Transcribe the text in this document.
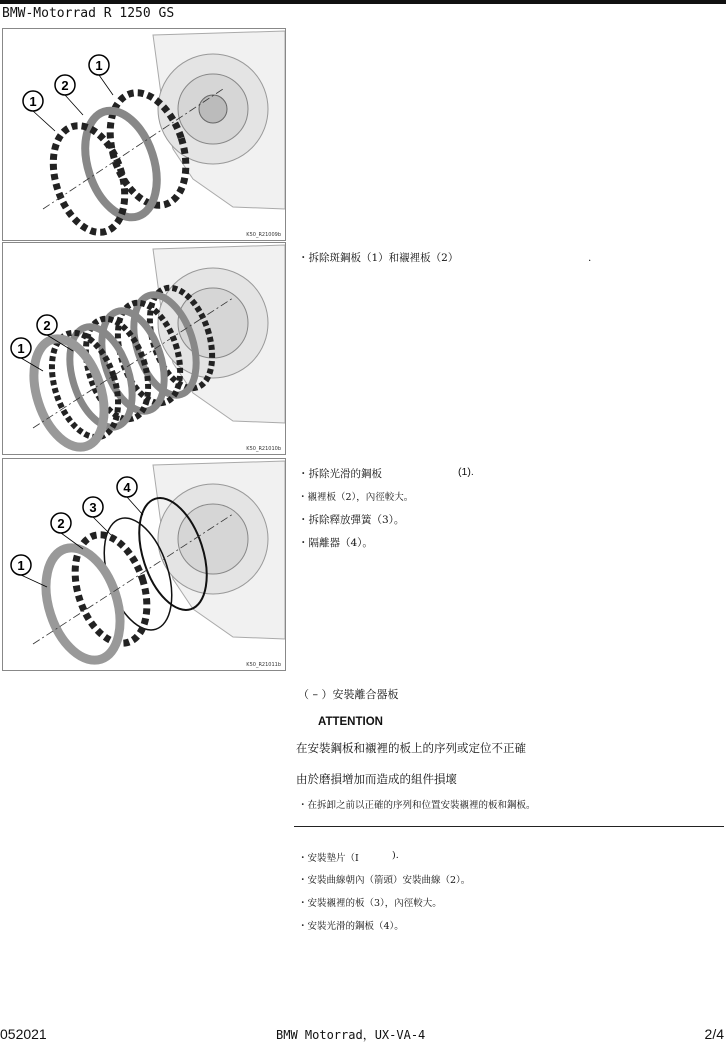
BMW-Motorrad R 1250 GS
1
2
1
K50_R21009b
2
1
K50_R21010b
4
3
2
1
K50_R21011b
・拆除斑鋼板（1）和襯裡板（2）	.
・拆除光滑的鋼板	(1).
・襯裡板（2），內徑較大。
・拆除釋放彈簧（3）。
・隔離器（4）。
（ – ）安裝離合器板
ATTENTION
在安裝鋼板和襯裡的板上的序列或定位不正確
由於磨損增加而造成的組件損壞
・在拆卸之前以正確的序列和位置安裝襯裡的板和鋼板。
・安裝墊片（I	).
・安裝曲線朝內（箭頭）安裝曲線（2）。
・安裝襯裡的板（3），內徑較大。
・安裝光滑的鋼板（4）。
052021	BMW Motorrad，UX-VA-4	2/4
